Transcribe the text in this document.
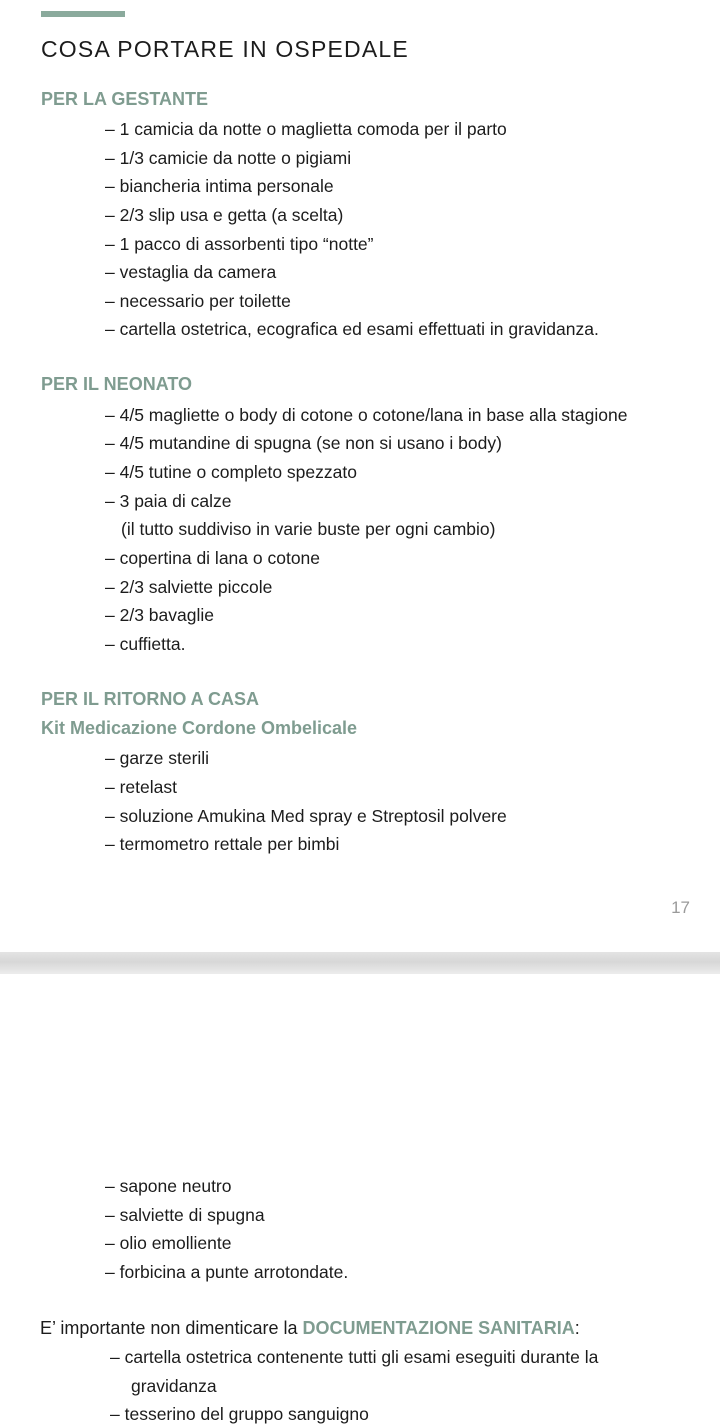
COSA PORTARE IN OSPEDALE
PER LA GESTANTE
– 1 camicia da notte o maglietta comoda per il parto
– 1/3 camicie da notte o pigiami
– biancheria intima personale
– 2/3 slip usa e getta (a scelta)
– 1 pacco di assorbenti tipo “notte”
– vestaglia da camera
– necessario per toilette
– cartella ostetrica, ecografica ed esami effettuati in gravidanza.
PER IL NEONATO
– 4/5 magliette o body di cotone o cotone/lana in base alla stagione
– 4/5 mutandine di spugna (se non si usano i body)
– 4/5 tutine o completo spezzato
– 3 paia di calze
(il tutto suddiviso in varie buste per ogni cambio)
– copertina di lana o cotone
– 2/3 salviette piccole
– 2/3 bavaglie
– cuffietta.
PER IL RITORNO A CASA
Kit Medicazione Cordone Ombelicale
– garze sterili
– retelast
– soluzione Amukina Med spray e Streptosil polvere
– termometro rettale per bimbi
17
– sapone neutro
– salviette di spugna
– olio emolliente
– forbicina a punte arrotondate.
E’ importante non dimenticare la DOCUMENTAZIONE SANITARIA:
– cartella ostetrica contenente tutti gli esami eseguiti durante la
gravidanza
– tesserino del gruppo sanguigno
